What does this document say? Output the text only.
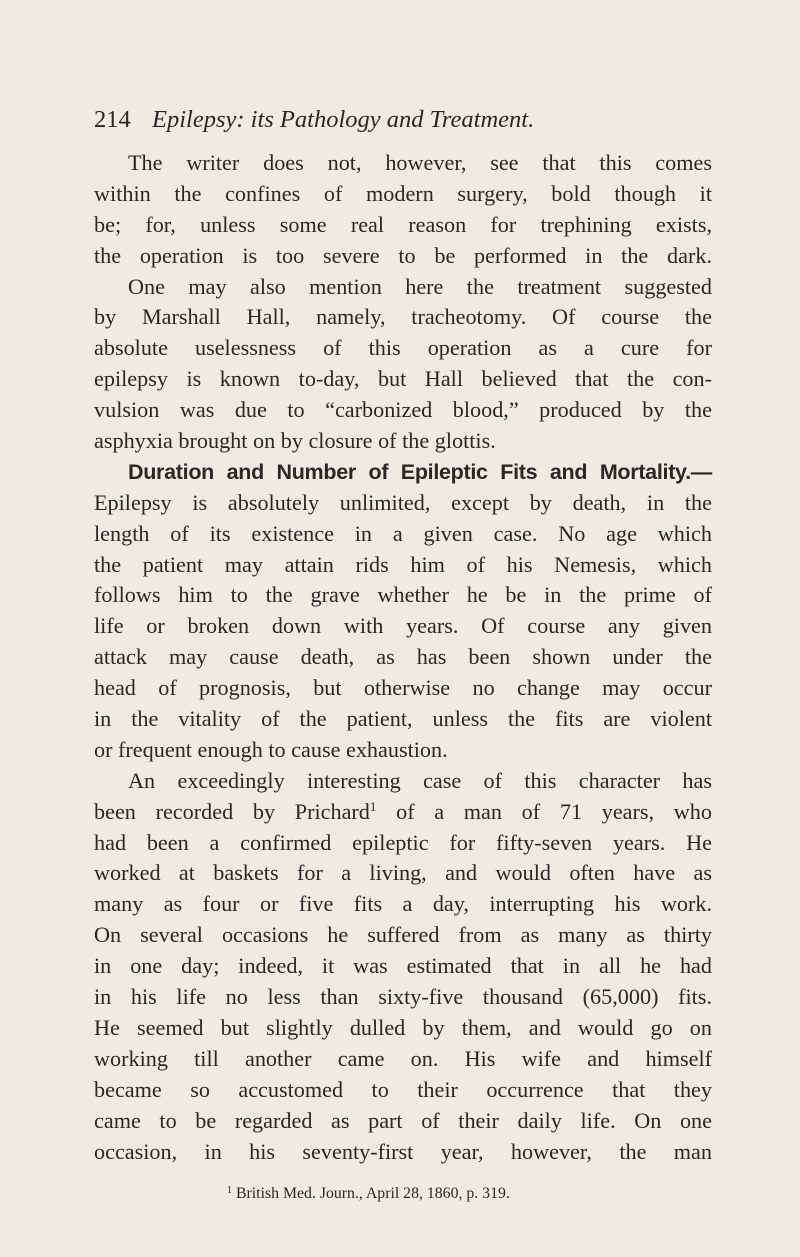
214 Epilepsy: its Pathology and Treatment.
The writer does not, however, see that this comes
within the confines of modern surgery, bold though it
be; for, unless some real reason for trephining exists,
the operation is too severe to be performed in the dark.
One may also mention here the treatment suggested
by Marshall Hall, namely, tracheotomy. Of course the
absolute uselessness of this operation as a cure for
epilepsy is known to-day, but Hall believed that the con-
vulsion was due to “carbonized blood,” produced by the
asphyxia brought on by closure of the glottis.
Duration and Number of Epileptic Fits and Mortality.—
Epilepsy is absolutely unlimited, except by death, in the
length of its existence in a given case. No age which
the patient may attain rids him of his Nemesis, which
follows him to the grave whether he be in the prime of
life or broken down with years. Of course any given
attack may cause death, as has been shown under the
head of prognosis, but otherwise no change may occur
in the vitality of the patient, unless the fits are violent
or frequent enough to cause exhaustion.
An exceedingly interesting case of this character has
been recorded by Prichard$^1$ of a man of 71 years, who
had been a confirmed epileptic for fifty-seven years. He
worked at baskets for a living, and would often have as
many as four or five fits a day, interrupting his work.
On several occasions he suffered from as many as thirty
in one day; indeed, it was estimated that in all he had
in his life no less than sixty-five thousand (65,000) fits.
He seemed but slightly dulled by them, and would go on
working till another came on. His wife and himself
became so accustomed to their occurrence that they
came to be regarded as part of their daily life. On one
occasion, in his seventy-first year, however, the man
$^1$ British Med. Journ., April 28, 1860, p. 319.
